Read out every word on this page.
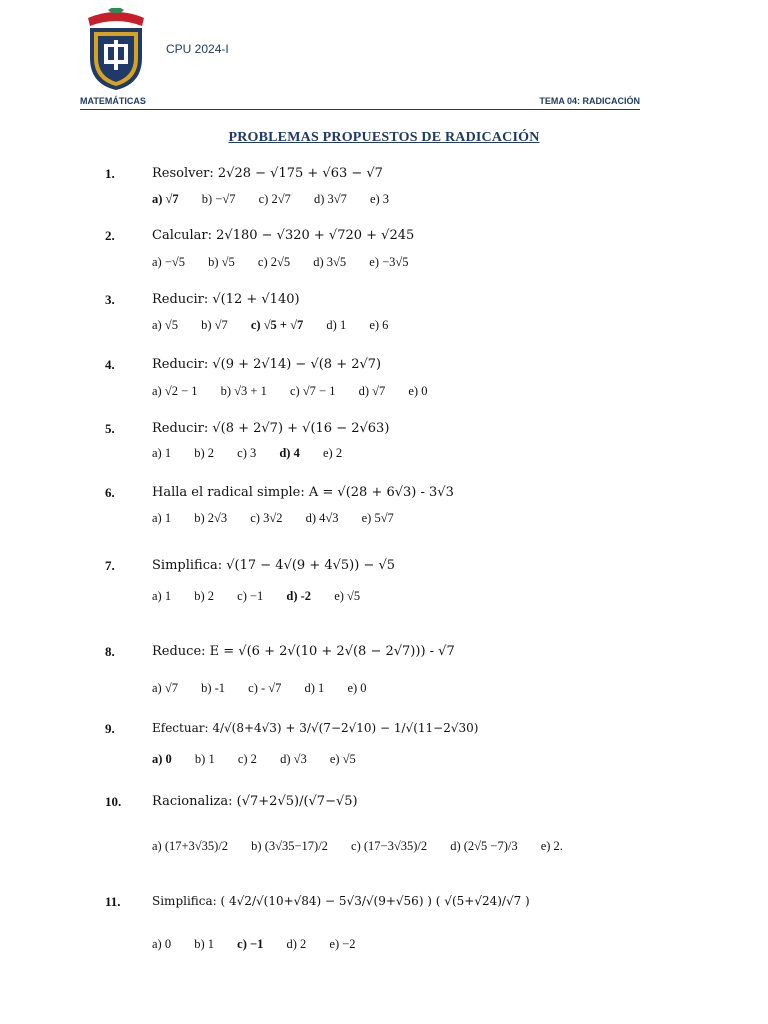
CPU 2024-I
MATEMÁTICAS	TEMA 04: RADICACIÓN
PROBLEMAS PROPUESTOS DE RADICACIÓN
1.	Resolver: 2√28 − √175 + √63 − √7
a) √7 b) −√7 c) 2√7 d) 3√7 e) 3
2.	Calcular: 2√180 − √320 + √720 + √245
a) −√5 b) √5 c) 2√5 d) 3√5 e) −3√5
3.	Reducir: √(12 + √140)
a) √5 b) √7 c) √5 + √7 d) 1 e) 6
4.	Reducir: √(9 + 2√14) − √(8 + 2√7)
a) √2 − 1 b) √3 + 1 c) √7 − 1 d) √7 e) 0
5.	Reducir: √(8 + 2√7) + √(16 − 2√63)
a) 1 b) 2 c) 3 d) 4 e) 2
6.	Halla el radical simple: A = √(28 + 6√3) - 3√3
a) 1 b) 2√3 c) 3√2 d) 4√3 e) 5√7
7.	Simplifica: √(17 − 4√(9 + 4√5)) − √5
a) 1 b) 2 c) −1 d) -2 e) √5
8.	Reduce: E = √(6 + 2√(10 + 2√(8 − 2√7))) - √7
a) √7 b) -1 c) - √7 d) 1 e) 0
9.	Efectuar: 4/√(8+4√3) + 3/√(7−2√10) − 1/√(11−2√30)
a) 0 b) 1 c) 2 d) √3 e) √5
10. Racionaliza: (√7+2√5)/(√7−√5)
a) (17+3√35)/2 b) (3√35−17)/2 c) (17−3√35)/2 d) (2√5 −7)/3 e) 2.
11.	Simplifica: ( 4√2/√(10+√84) − 5√3/√(9+√56) ) ( √(5+√24)/√7 )
a) 0 b) 1 c) −1 d) 2 e) −2
